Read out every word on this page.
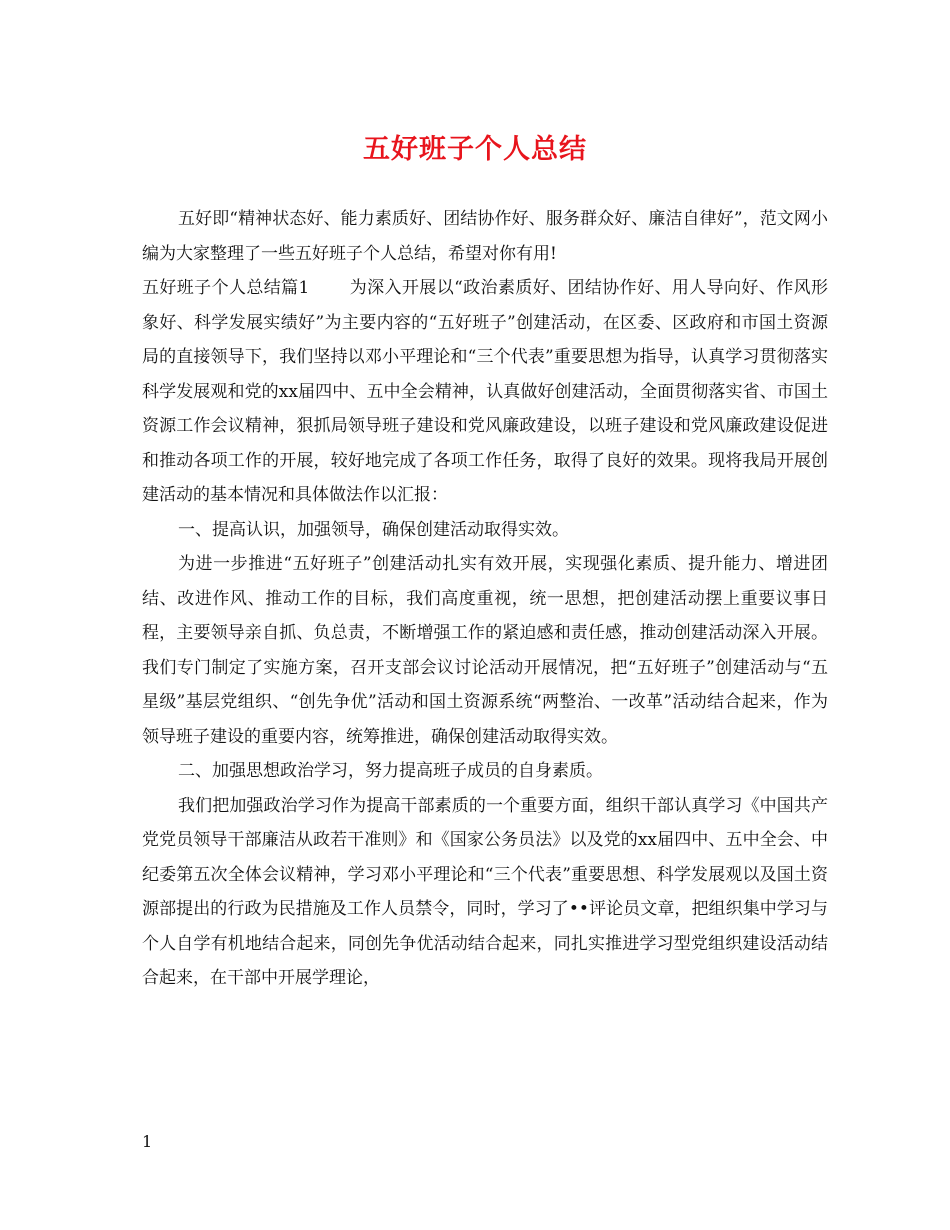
五好班子个人总结

五好即“精神状态好、能力素质好、团结协作好、服务群众好、廉洁自律好”，范文网小编为大家整理了一些五好班子个人总结，希望对你有用!

五好班子个人总结篇1 为深入开展以“政治素质好、团结协作好、用人导向好、作风形象好、科学发展实绩好”为主要内容的“五好班子”创建活动，在区委、区政府和市国土资源局的直接领导下，我们坚持以邓小平理论和“三个代表”重要思想为指导，认真学习贯彻落实科学发展观和党的xx届四中、五中全会精神，认真做好创建活动，全面贯彻落实省、市国土资源工作会议精神，狠抓局领导班子建设和党风廉政建设，以班子建设和党风廉政建设促进和推动各项工作的开展，较好地完成了各项工作任务，取得了良好的效果。现将我局开展创建活动的基本情况和具体做法作以汇报：

一、提高认识，加强领导，确保创建活动取得实效。

为进一步推进“五好班子”创建活动扎实有效开展，实现强化素质、提升能力、增进团结、改进作风、推动工作的目标，我们高度重视，统一思想，把创建活动摆上重要议事日程，主要领导亲自抓、负总责，不断增强工作的紧迫感和责任感，推动创建活动深入开展。我们专门制定了实施方案，召开支部会议讨论活动开展情况，把“五好班子”创建活动与“五星级”基层党组织、“创先争优”活动和国土资源系统“两整治、一改革”活动结合起来，作为领导班子建设的重要内容，统筹推进，确保创建活动取得实效。

二、加强思想政治学习，努力提高班子成员的自身素质。

我们把加强政治学习作为提高干部素质的一个重要方面，组织干部认真学习《中国共产党党员领导干部廉洁从政若干准则》和《国家公务员法》以及党的xx届四中、五中全会、中纪委第五次全体会议精神，学习邓小平理论和“三个代表”重要思想、科学发展观以及国土资源部提出的行政为民措施及工作人员禁令，同时，学习了••评论员文章，把组织集中学习与个人自学有机地结合起来，同创先争优活动结合起来，同扎实推进学习型党组织建设活动结合起来，在干部中开展学理论，

1
